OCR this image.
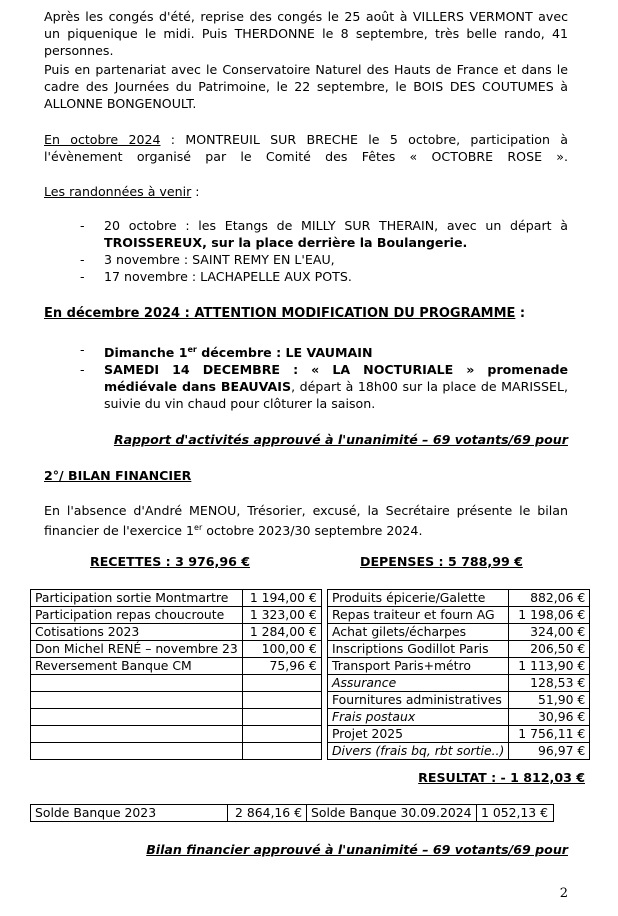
Après les congés d'été, reprise des congés le 25 août à VILLERS VERMONT avec un piquenique le midi. Puis THERDONNE le 8 septembre, très belle rando, 41 personnes.
Puis en partenariat avec le Conservatoire Naturel des Hauts de France et dans le cadre des Journées du Patrimoine, le 22 septembre, le BOIS DES COUTUMES à ALLONNE BONGENOULT.
En octobre 2024 : MONTREUIL SUR BRECHE le 5 octobre, participation à l'évènement organisé par le Comité des Fêtes « OCTOBRE ROSE ».
Les randonnées à venir :
- 20 octobre : les Etangs de MILLY SUR THERAIN, avec un départ à TROISSEREUX, sur la place derrière la Boulangerie.
- 3 novembre : SAINT REMY EN L'EAU,
- 17 novembre : LACHAPELLE AUX POTS.
En décembre 2024 : ATTENTION MODIFICATION DU PROGRAMME :
- Dimanche 1er décembre : LE VAUMAIN
- SAMEDI 14 DECEMBRE : « LA NOCTURIALE » promenade médiévale dans BEAUVAIS, départ à 18h00 sur la place de MARISSEL, suivie du vin chaud pour clôturer la saison.
Rapport d'activités approuvé à l'unanimité – 69 votants/69 pour
2°/ BILAN FINANCIER
En l'absence d'André MENOU, Trésorier, excusé, la Secrétaire présente le bilan financier de l'exercice 1er octobre 2023/30 septembre 2024.
RECETTES : 3 976,96 €	DEPENSES : 5 788,99 €
Participation sortie Montmartre	1 194,00 €
Participation repas choucroute	1 323,00 €
Cotisations 2023	1 284,00 €
Don Michel RENÉ – novembre 23	100,00 €
Reversement Banque CM	75,96 €

Produits épicerie/Galette	882,06 €
Repas traiteur et fourn AG	1 198,06 €
Achat gilets/écharpes	324,00 €
Inscriptions Godillot Paris	206,50 €
Transport Paris+métro	1 113,90 €
Assurance	128,53 €
Fournitures administratives	51,90 €
Frais postaux	30,96 €
Projet 2025	1 756,11 €
Divers (frais bq, rbt sortie..)	96,97 €
RESULTAT : - 1 812,03 €
Solde Banque 2023	2 864,16 €	Solde Banque 30.09.2024	1 052,13 €
Bilan financier approuvé à l'unanimité – 69 votants/69 pour
2
